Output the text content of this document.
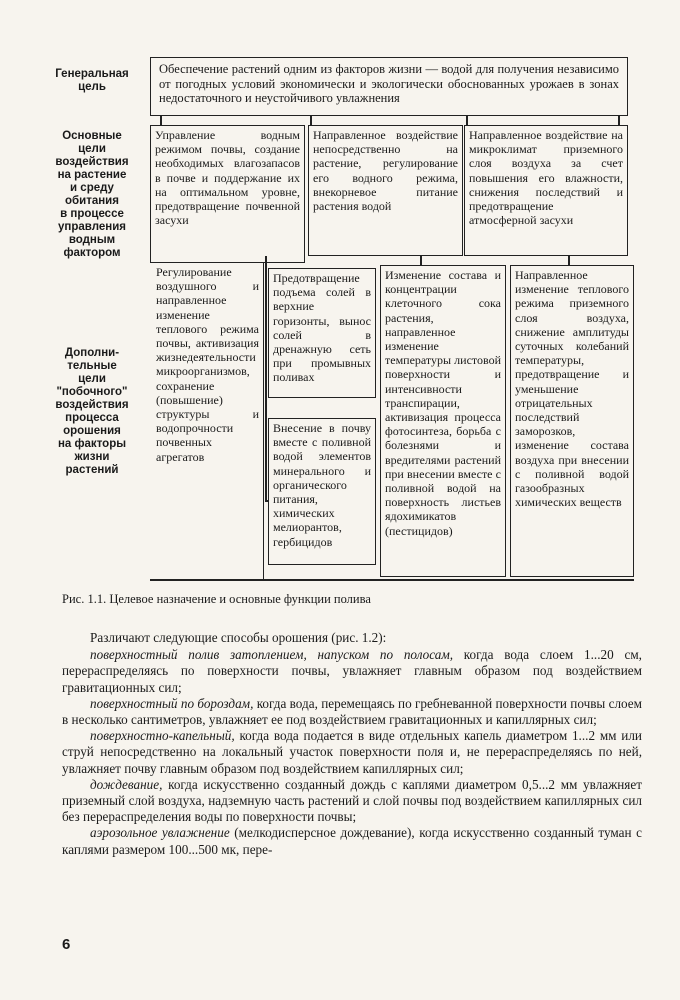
Генеральная
цель
Основные
цели
воздействия
на растение
и среду
обитания
в процессе
управления
водным
фактором
Дополни-
тельные
цели
"побочного"
воздействия
процесса
орошения
на факторы
жизни
растений
Обеспечение растений одним из факторов жизни — водой для получения независимо от погодных условий экономически и экологически обоснованных урожаев в зонах недостаточного и неустойчивого увлажнения
Управление водным режимом почвы, создание необходимых влагозапасов в почве и поддержание их на оптимальном уровне, предотвращение почвенной засухи
Направленное воздействие непосредственно на растение, регулирование его водного режима, внекорневое питание растения водой
Направленное воздействие на микроклимат приземного слоя воздуха за счет повышения его влажности, снижения последствий и предотвращение атмосферной засухи
Регулирование воздушного и направленное изменение теплового режима почвы, активизация жизнедеятельности микроорганизмов, сохранение (повышение) структуры и водопрочности почвенных агрегатов
Предотвращение подъема солей в верхние горизонты, вынос солей в дренажную сеть при промывных поливах
Внесение в почву вместе с поливной водой элементов минерального и органического питания, химических мелиорантов, гербицидов
Изменение состава и концентрации клеточного сока растения, направленное изменение температуры листовой поверхности и интенсивности транспирации, активизация процесса фотосинтеза, борьба с болезнями и вредителями растений при внесении вместе с поливной водой на поверхность листьев ядохимикатов (пестицидов)
Направленное изменение теплового режима приземного слоя воздуха, снижение амплитуды суточных колебаний температуры, предотвращение и уменьшение отрицательных последствий заморозков, изменение состава воздуха при внесении с поливной водой газообразных химических веществ
Рис. 1.1. Целевое назначение и основные функции полива

Различают следующие способы орошения (рис. 1.2):

поверхностный полив затоплением, напуском по полосам, когда вода слоем 1...20 см, перераспределяясь по поверхности почвы, увлажняет главным образом под воздействием гравитационных сил;

поверхностный по бороздам, когда вода, перемещаясь по гребневанной поверхности почвы слоем в несколько сантиметров, увлажняет ее под воздействием гравитационных и капиллярных сил;

поверхностно-капельный, когда вода подается в виде отдельных капель диаметром 1...2 мм или струй непосредственно на локальный участок поверхности поля и, не перераспределяясь по ней, увлажняет почву главным образом под воздействием капиллярных сил;

дождевание, когда искусственно созданный дождь с каплями диаметром 0,5...2 мм увлажняет приземный слой воздуха, надземную часть растений и слой почвы под воздействием капиллярных сил без перераспределения воды по поверхности почвы;

аэрозольное увлажнение (мелкодисперсное дождевание), когда искусственно созданный туман с каплями размером 100...500 мк, пере-

6
